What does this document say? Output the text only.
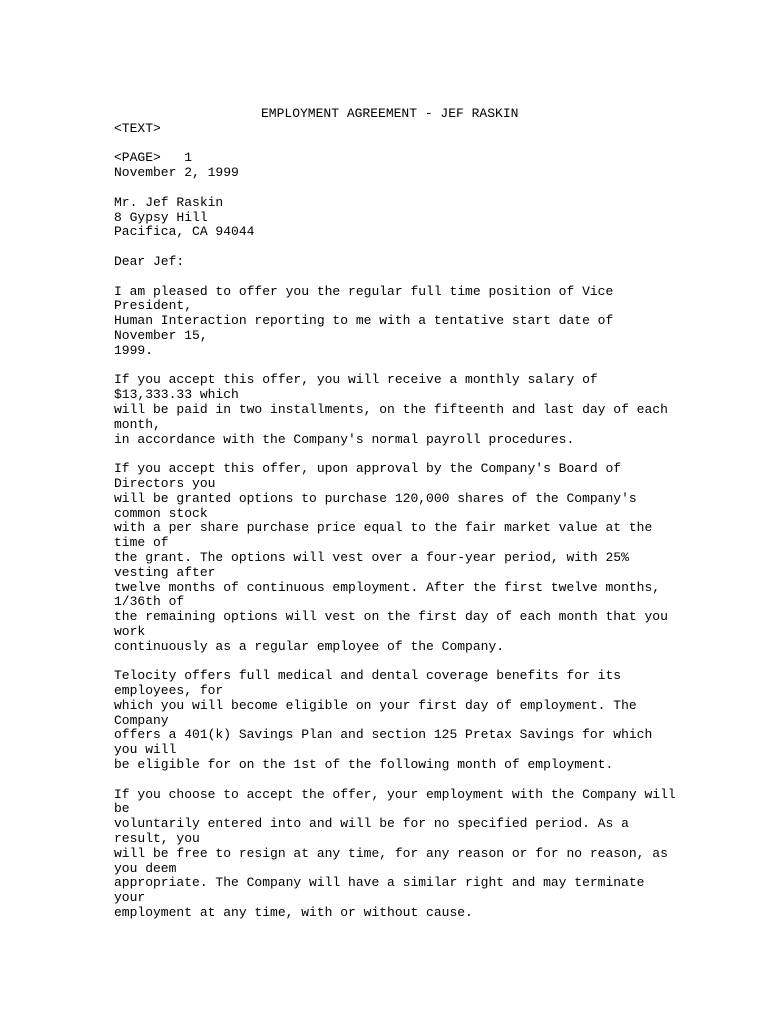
EMPLOYMENT AGREEMENT - JEF RASKIN
<TEXT>

<PAGE>   1
November 2, 1999

Mr. Jef Raskin
8 Gypsy Hill
Pacifica, CA 94044

Dear Jef:

I am pleased to offer you the regular full time position of Vice
President,
Human Interaction reporting to me with a tentative start date of
November 15,
1999.

If you accept this offer, you will receive a monthly salary of
$13,333.33 which
will be paid in two installments, on the fifteenth and last day of each
month,
in accordance with the Company's normal payroll procedures.

If you accept this offer, upon approval by the Company's Board of
Directors you
will be granted options to purchase 120,000 shares of the Company's
common stock
with a per share purchase price equal to the fair market value at the
time of
the grant. The options will vest over a four-year period, with 25%
vesting after
twelve months of continuous employment. After the first twelve months,
1/36th of
the remaining options will vest on the first day of each month that you
work
continuously as a regular employee of the Company.

Telocity offers full medical and dental coverage benefits for its
employees, for
which you will become eligible on your first day of employment. The
Company
offers a 401(k) Savings Plan and section 125 Pretax Savings for which
you will
be eligible for on the 1st of the following month of employment.

If you choose to accept the offer, your employment with the Company will
be
voluntarily entered into and will be for no specified period. As a
result, you
will be free to resign at any time, for any reason or for no reason, as
you deem
appropriate. The Company will have a similar right and may terminate
your
employment at any time, with or without cause.
